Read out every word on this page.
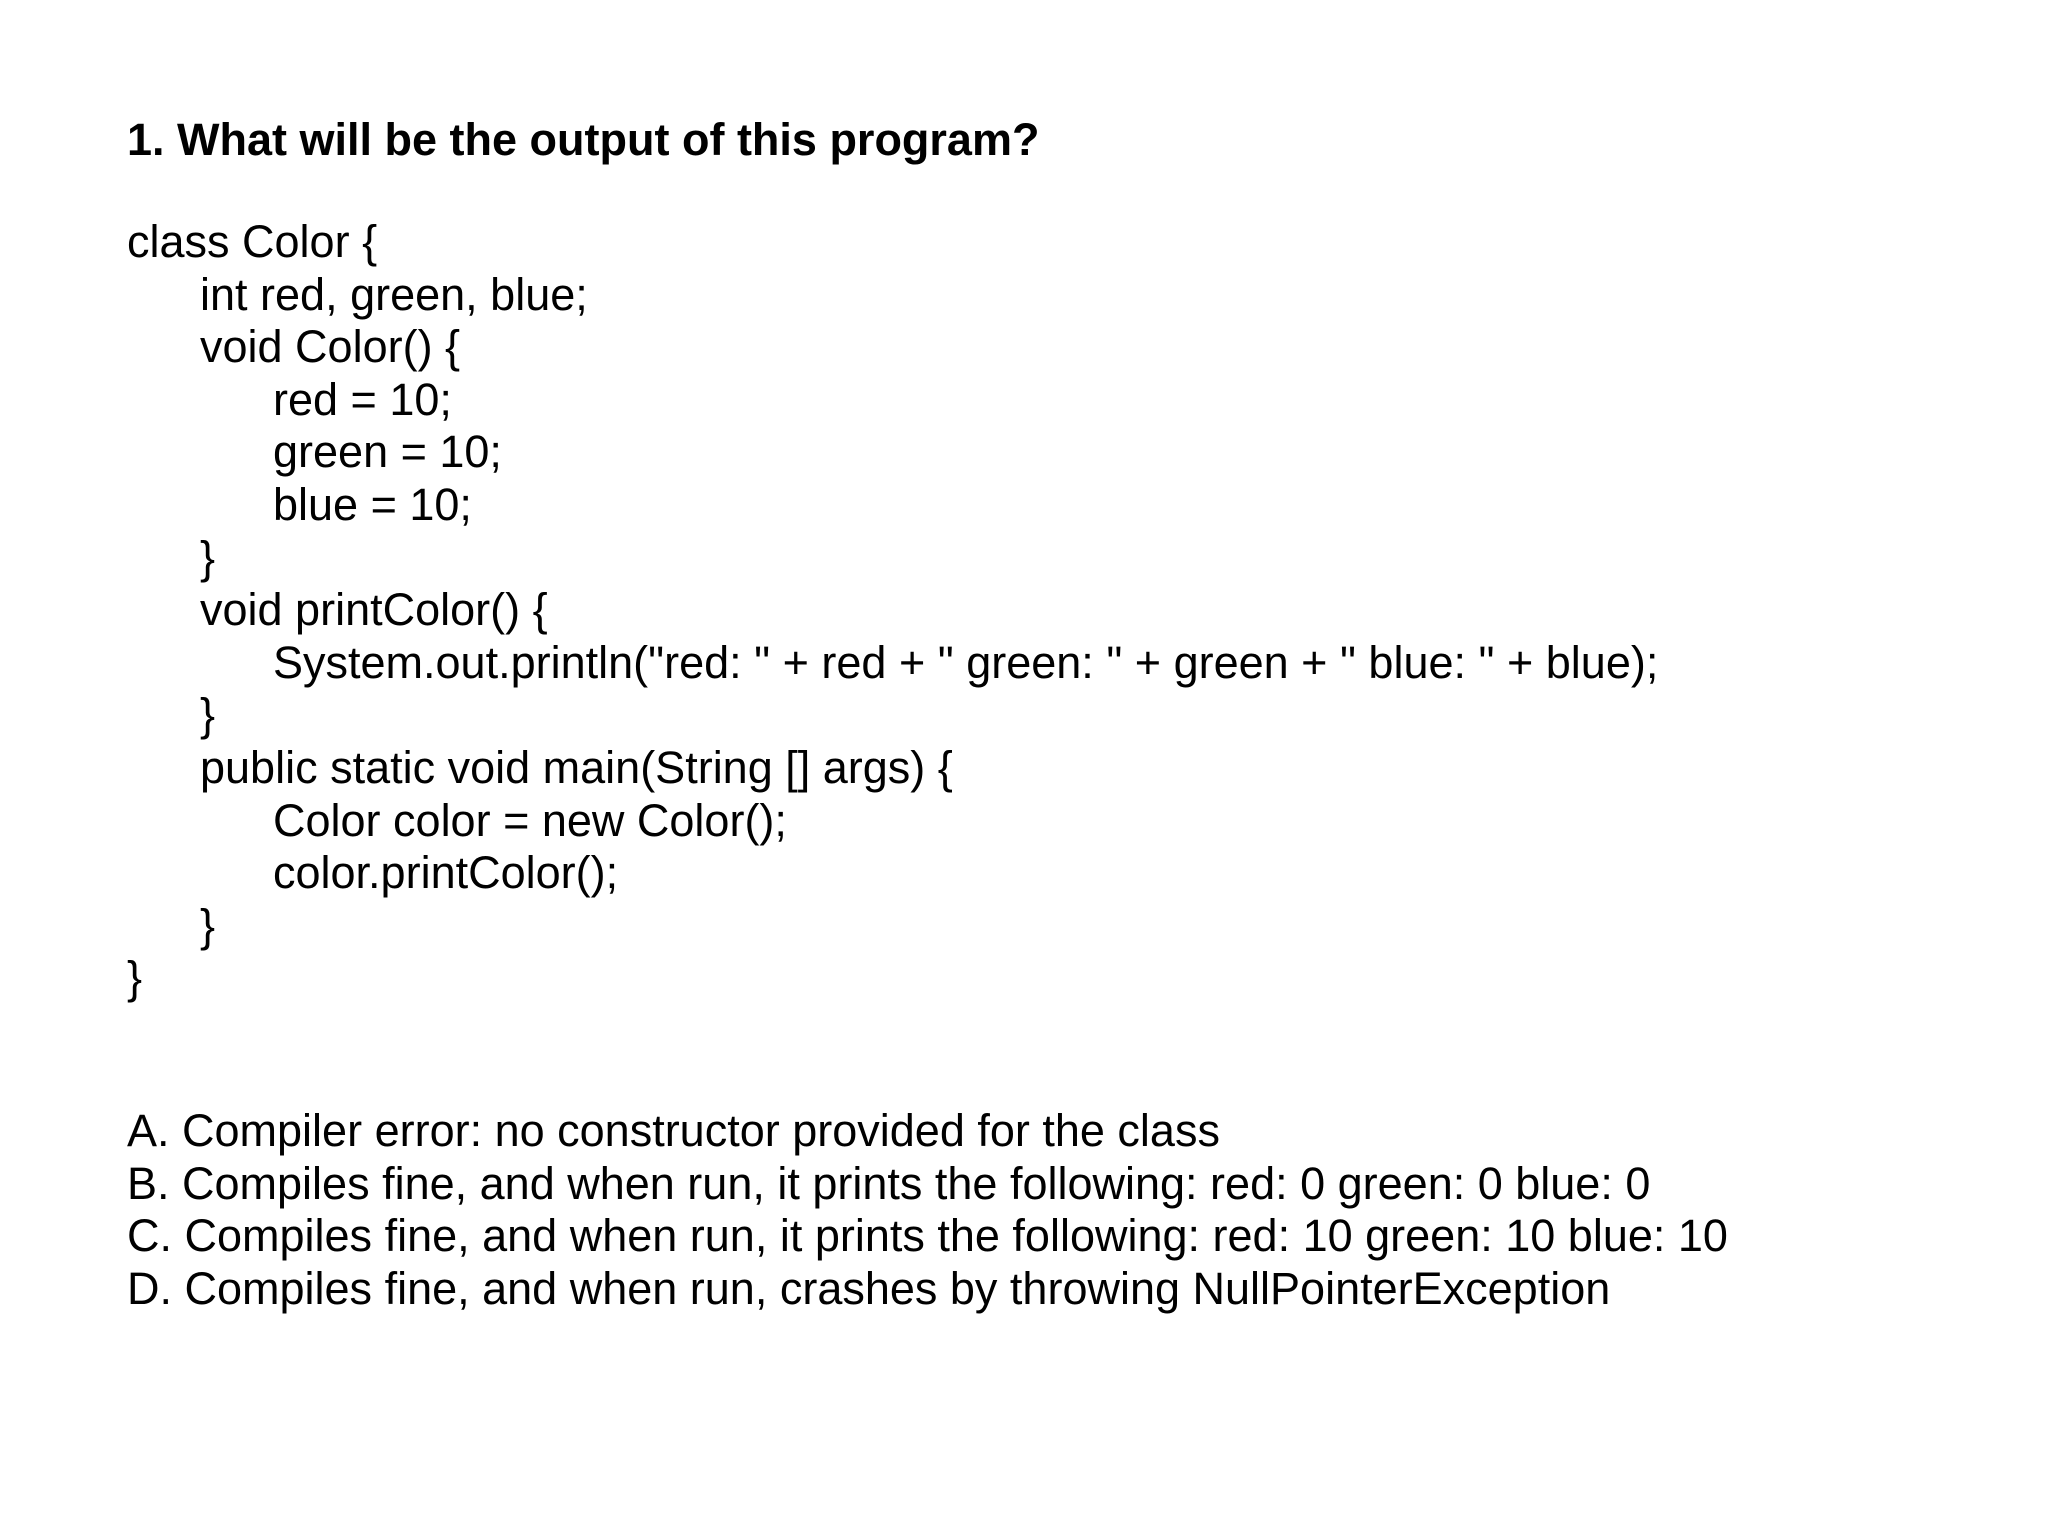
1. What will be the output of this program?
class Color {
int red, green, blue;
void Color() {
red = 10;
green = 10;
blue = 10;
}
void printColor() {
System.out.println("red: " + red + " green: " + green + " blue: " + blue);
}
public static void main(String [] args) {
Color color = new Color();
color.printColor();
}
}
A. Compiler error: no constructor provided for the class
B. Compiles fine, and when run, it prints the following: red: 0 green: 0 blue: 0
C. Compiles fine, and when run, it prints the following: red: 10 green: 10 blue: 10
D. Compiles fine, and when run, crashes by throwing NullPointerException
